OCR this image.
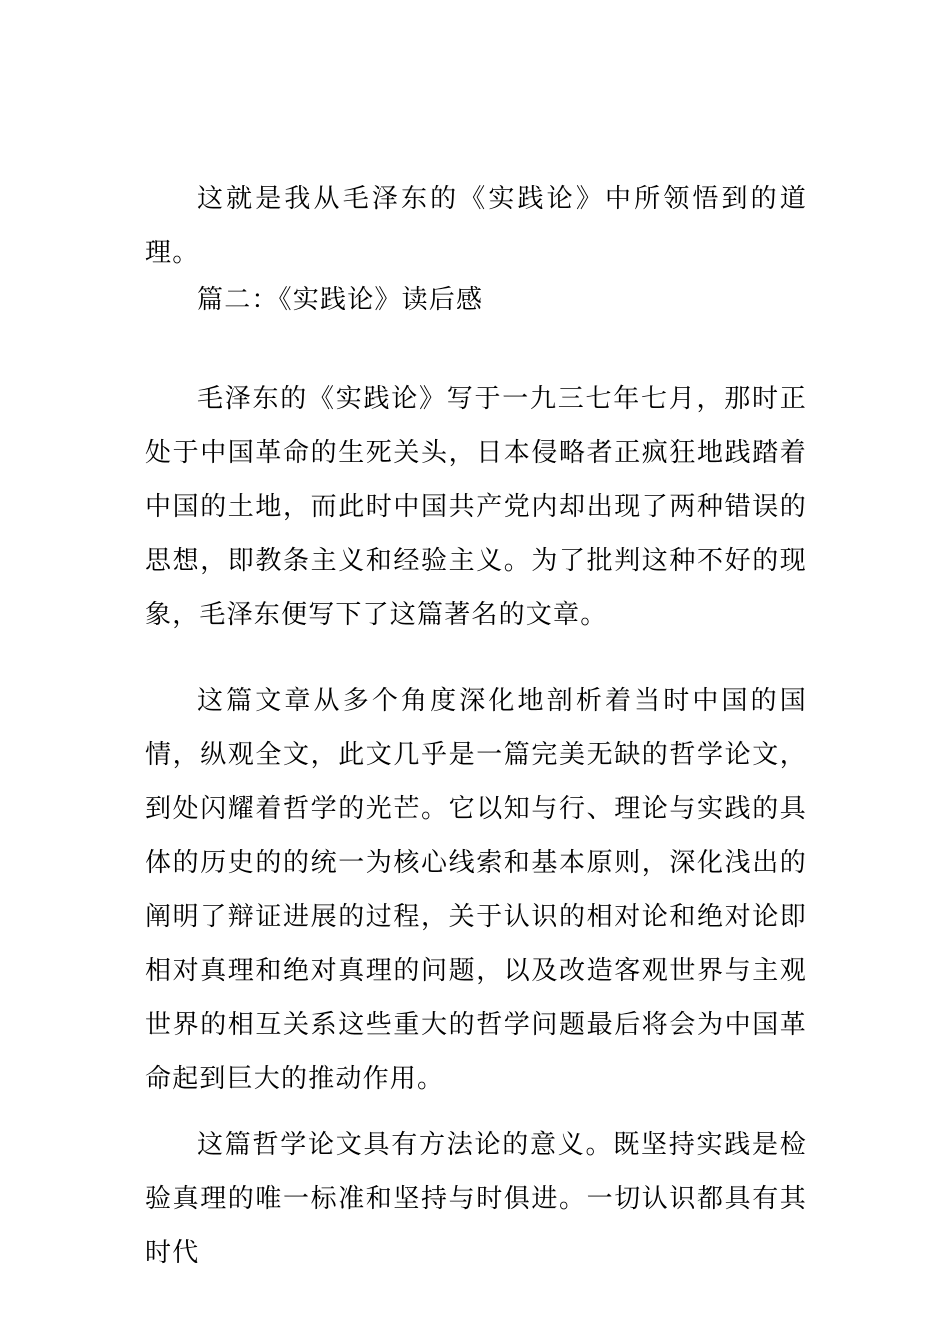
这就是我从毛泽东的《实践论》中所领悟到的道理。

篇二：《实践论》读后感

毛泽东的《实践论》写于一九三七年七月，那时正处于中国革命的生死关头，日本侵略者正疯狂地践踏着中国的土地，而此时中国共产党内却出现了两种错误的思想，即教条主义和经验主义。为了批判这种不好的现象，毛泽东便写下了这篇著名的文章。

这篇文章从多个角度深化地剖析着当时中国的国情，纵观全文，此文几乎是一篇完美无缺的哲学论文，到处闪耀着哲学的光芒。它以知与行、理论与实践的具体的历史的的统一为核心线索和基本原则，深化浅出的阐明了辩证进展的过程，关于认识的相对论和绝对论即相对真理和绝对真理的问题，以及改造客观世界与主观世界的相互关系这些重大的哲学问题最后将会为中国革命起到巨大的推动作用。

这篇哲学论文具有方法论的意义。既坚持实践是检验真理的唯一标准和坚持与时俱进。一切认识都具有其时代
